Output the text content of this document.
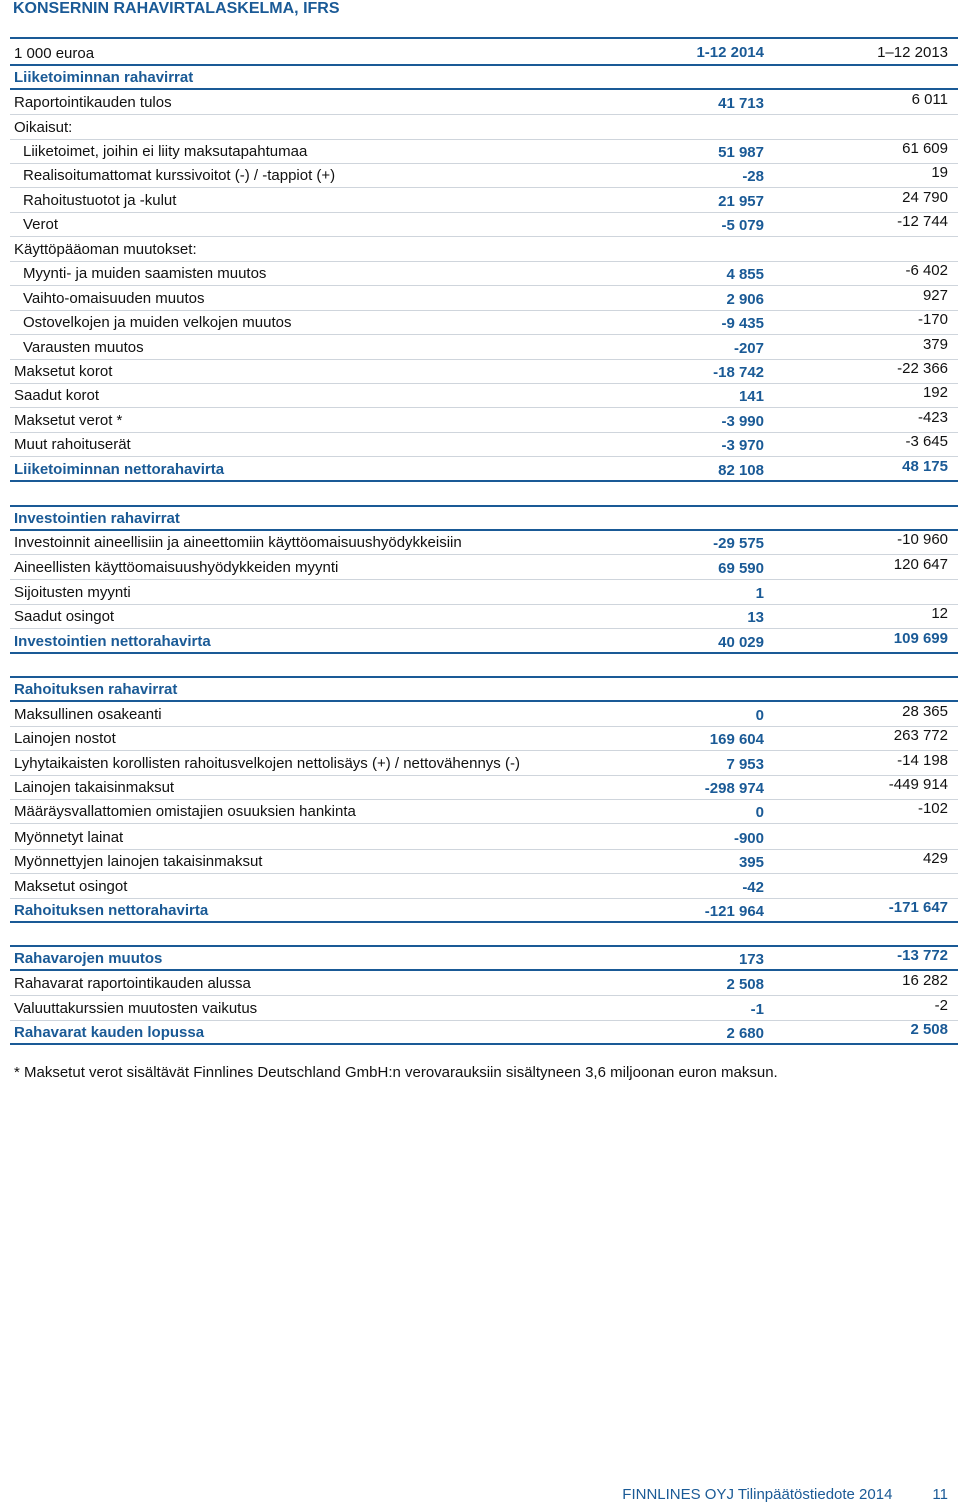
KONSERNIN RAHAVIRTALASKELMA, IFRS
1 000 euroa	1-12 2014	1–12 2013
Liiketoiminnan rahavirrat
Raportointikauden tulos	41 713	6 011
Oikaisut:
Liiketoimet, joihin ei liity maksutapahtumaa	51 987	61 609
Realisoitumattomat kurssivoitot (-) / -tappiot (+)	-28	19
Rahoitustuotot ja -kulut	21 957	24 790
Verot	-5 079	-12 744
Käyttöpääoman muutokset:
Myynti- ja muiden saamisten muutos	4 855	-6 402
Vaihto-omaisuuden muutos	2 906	927
Ostovelkojen ja muiden velkojen muutos	-9 435	-170
Varausten muutos	-207	379
Maksetut korot	-18 742	-22 366
Saadut korot	141	192
Maksetut verot *	-3 990	-423
Muut rahoituserät	-3 970	-3 645
Liiketoiminnan nettorahavirta	82 108	48 175
Investointien rahavirrat
Investoinnit aineellisiin ja aineettomiin käyttöomaisuushyödykkeisiin	-29 575	-10 960
Aineellisten käyttöomaisuushyödykkeiden myynti	69 590	120 647
Sijoitusten myynti	1
Saadut osingot	13	12
Investointien nettorahavirta	40 029	109 699
Rahoituksen rahavirrat
Maksullinen osakeanti	0	28 365
Lainojen nostot	169 604	263 772
Lyhytaikaisten korollisten rahoitusvelkojen nettolisäys (+) / nettovähennys (-)	7 953	-14 198
Lainojen takaisinmaksut	-298 974	-449 914
Määräysvallattomien omistajien osuuksien hankinta	0	-102
Myönnetyt lainat	-900
Myönnettyjen lainojen takaisinmaksut	395	429
Maksetut osingot	-42
Rahoituksen nettorahavirta	-121 964	-171 647
Rahavarojen muutos	173	-13 772
Rahavarat raportointikauden alussa	2 508	16 282
Valuuttakurssien muutosten vaikutus	-1	-2
Rahavarat kauden lopussa	2 680	2 508
* Maksetut verot sisältävät Finnlines Deutschland GmbH:n verovarauksiin sisältyneen 3,6 miljoonan euron maksun.
FINNLINES OYJ Tilinpäätöstiedote 2014	11
